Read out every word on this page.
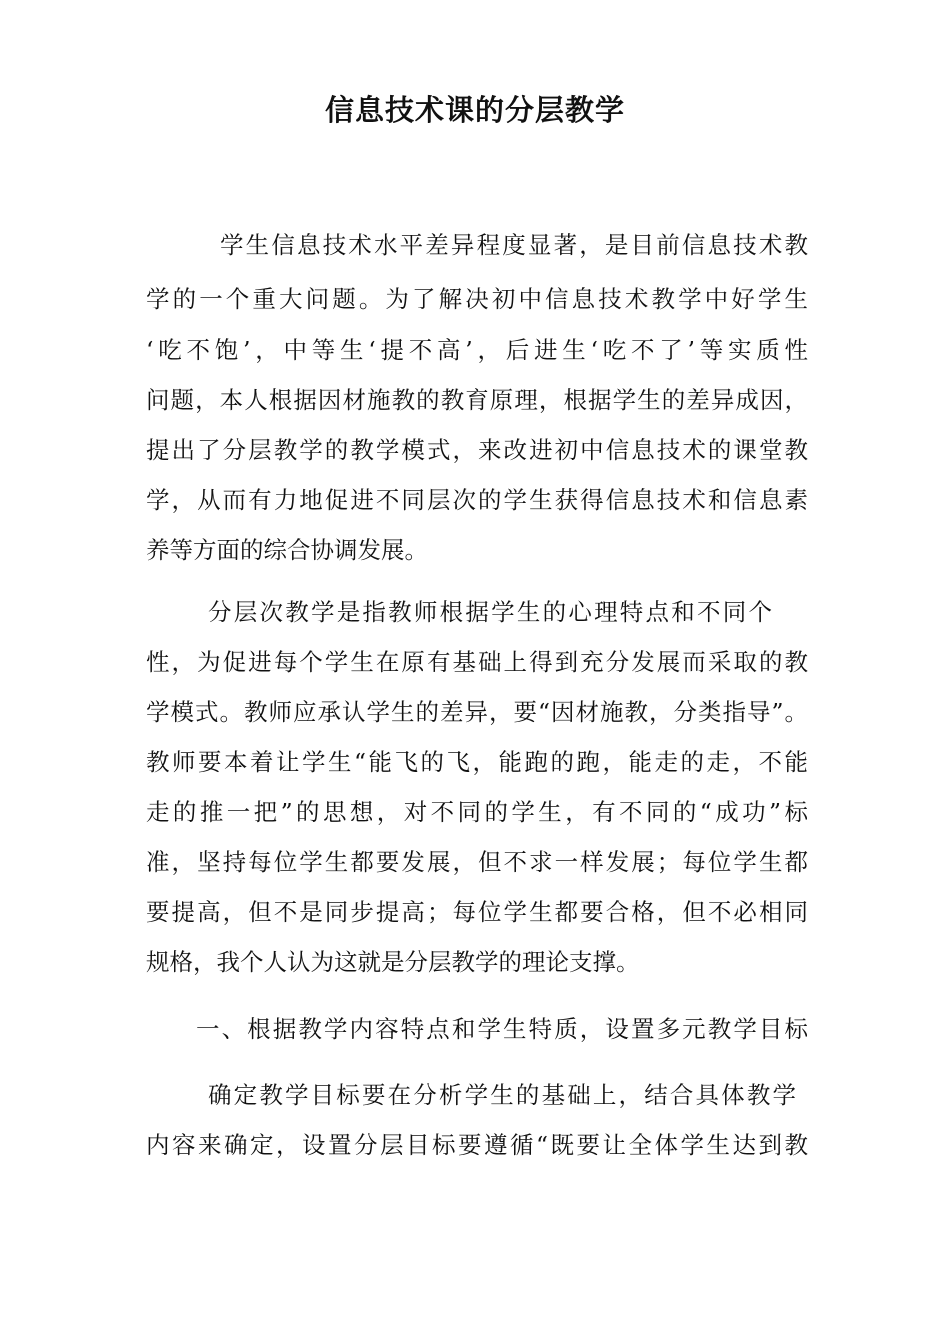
信息技术课的分层教学
学生信息技术水平差异程度显著，是目前信息技术教
学的一个重大问题。为了解决初中信息技术教学中好学生
‘吃不饱’，中等生‘提不高’，后进生‘吃不了’等实质性
问题，本人根据因材施教的教育原理，根据学生的差异成因，
提出了分层教学的教学模式，来改进初中信息技术的课堂教
学，从而有力地促进不同层次的学生获得信息技术和信息素
养等方面的综合协调发展。
分层次教学是指教师根据学生的心理特点和不同个
性，为促进每个学生在原有基础上得到充分发展而采取的教
学模式。教师应承认学生的差异，要“因材施教，分类指导”。
教师要本着让学生“能飞的飞，能跑的跑，能走的走，不能
走的推一把”的思想，对不同的学生，有不同的“成功”标
准，坚持每位学生都要发展，但不求一样发展；每位学生都
要提高，但不是同步提高；每位学生都要合格，但不必相同
规格，我个人认为这就是分层教学的理论支撑。
一、根据教学内容特点和学生特质，设置多元教学目标
确定教学目标要在分析学生的基础上，结合具体教学
内容来确定，设置分层目标要遵循“既要让全体学生达到教
